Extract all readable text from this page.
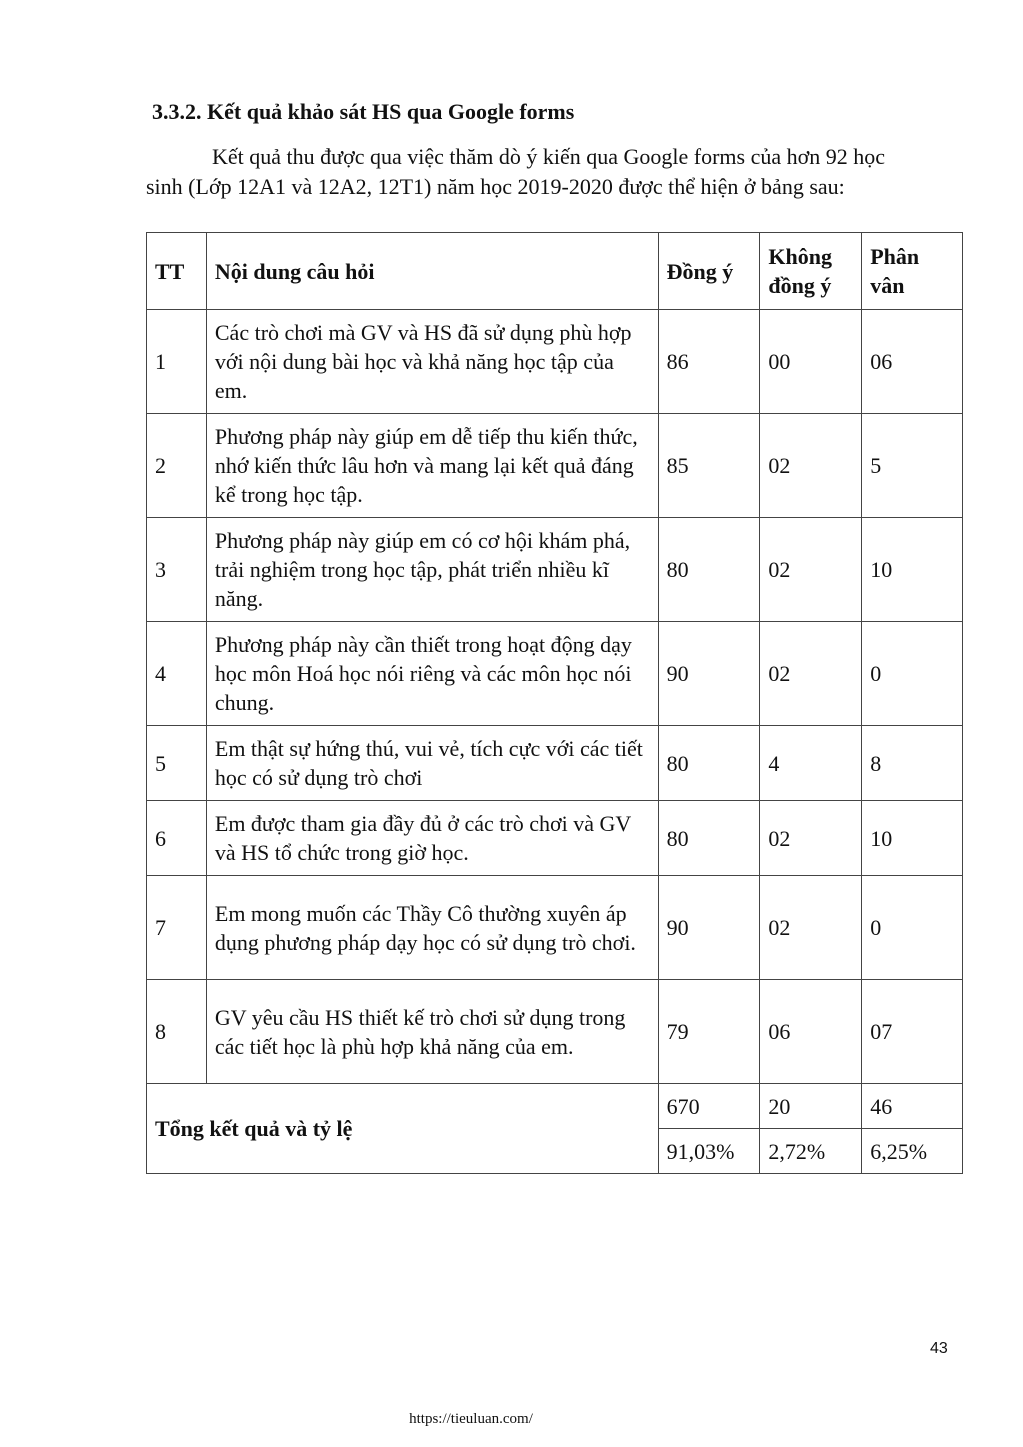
3.3.2. Kết quả khảo sát HS qua Google forms
Kết quả thu được qua việc thăm dò ý kiến qua Google forms của hơn 92 học sinh (Lớp 12A1 và 12A2, 12T1) năm học 2019-2020 được thể hiện ở bảng sau:
TT	Nội dung câu hỏi	Đồng ý	Không đồng ý	Phân vân
1	Các trò chơi mà GV và HS đã sử dụng phù hợp với nội dung bài học và khả năng học tập của em.	86	00	06
2	Phương pháp này giúp em dễ tiếp thu kiến thức, nhớ kiến thức lâu hơn và mang lại kết quả đáng kể trong học tập.	85	02	5
3	Phương pháp này giúp em có cơ hội khám phá, trải nghiệm trong học tập, phát triển nhiều kĩ năng.	80	02	10
4	Phương pháp này cần thiết trong hoạt động dạy học môn Hoá học nói riêng và các môn học nói chung.	90	02	0
5	Em thật sự hứng thú, vui vẻ, tích cực với các tiết học có sử dụng trò chơi	80	4	8
6	Em được tham gia đầy đủ ở các trò chơi và GV và HS tổ chức trong giờ học.	80	02	10
7	Em mong muốn các Thầy Cô thường xuyên áp dụng phương pháp dạy học có sử dụng trò chơi.	90	02	0
8	GV yêu cầu HS thiết kế trò chơi sử dụng trong các tiết học là phù hợp khả năng của em.	79	06	07
Tổng kết quả và tỷ lệ		670	20	46
		91,03%	2,72%	6,25%
43
https://tieuluan.com/
